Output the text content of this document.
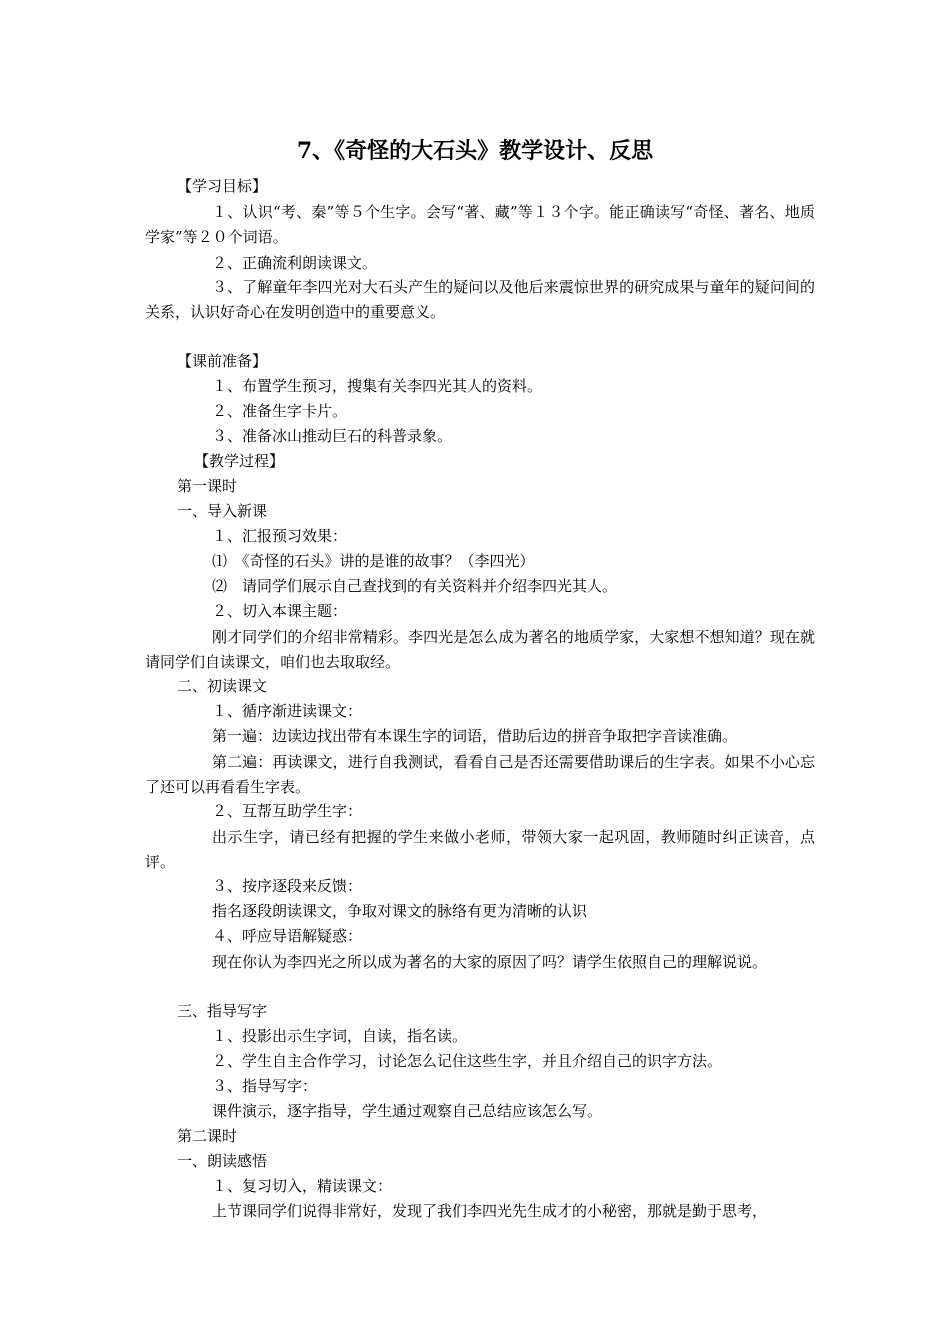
7、《奇怪的大石头》教学设计、反思
【学习目标】
１、认识“考、秦”等５个生字。会写“著、藏”等１３个字。能正确读写“奇怪、著名、地质学家”等２０个词语。
２、正确流利朗读课文。
３、了解童年李四光对大石头产生的疑问以及他后来震惊世界的研究成果与童年的疑问间的关系，认识好奇心在发明创造中的重要意义。
【课前准备】
１、布置学生预习，搜集有关李四光其人的资料。
２、准备生字卡片。
３、准备冰山推动巨石的科普录象。
【教学过程】
第一课时
一、导入新课
１、汇报预习效果：
⑴　《奇怪的石头》讲的是谁的故事？（李四光）
⑵　请同学们展示自己查找到的有关资料并介绍李四光其人。
２、切入本课主题：
刚才同学们的介绍非常精彩。李四光是怎么成为著名的地质学家，大家想不想知道？现在就请同学们自读课文，咱们也去取取经。
二、初读课文
１、循序渐进读课文：
第一遍：边读边找出带有本课生字的词语，借助后边的拼音争取把字音读准确。
第二遍：再读课文，进行自我测试，看看自己是否还需要借助课后的生字表。如果不小心忘了还可以再看看生字表。
２、互帮互助学生字：
出示生字，请已经有把握的学生来做小老师，带领大家一起巩固，教师随时纠正读音，点评。
３、按序逐段来反馈：
指名逐段朗读课文，争取对课文的脉络有更为清晰的认识
４、呼应导语解疑惑：
现在你认为李四光之所以成为著名的大家的原因了吗？请学生依照自己的理解说说。
三、指导写字
１、投影出示生字词，自读，指名读。
２、学生自主合作学习，讨论怎么记住这些生字，并且介绍自己的识字方法。
３、指导写字：
课件演示，逐字指导，学生通过观察自己总结应该怎么写。
第二课时
一、朗读感悟
１、复习切入，精读课文：
上节课同学们说得非常好，发现了我们李四光先生成才的小秘密，那就是勤于思考，
